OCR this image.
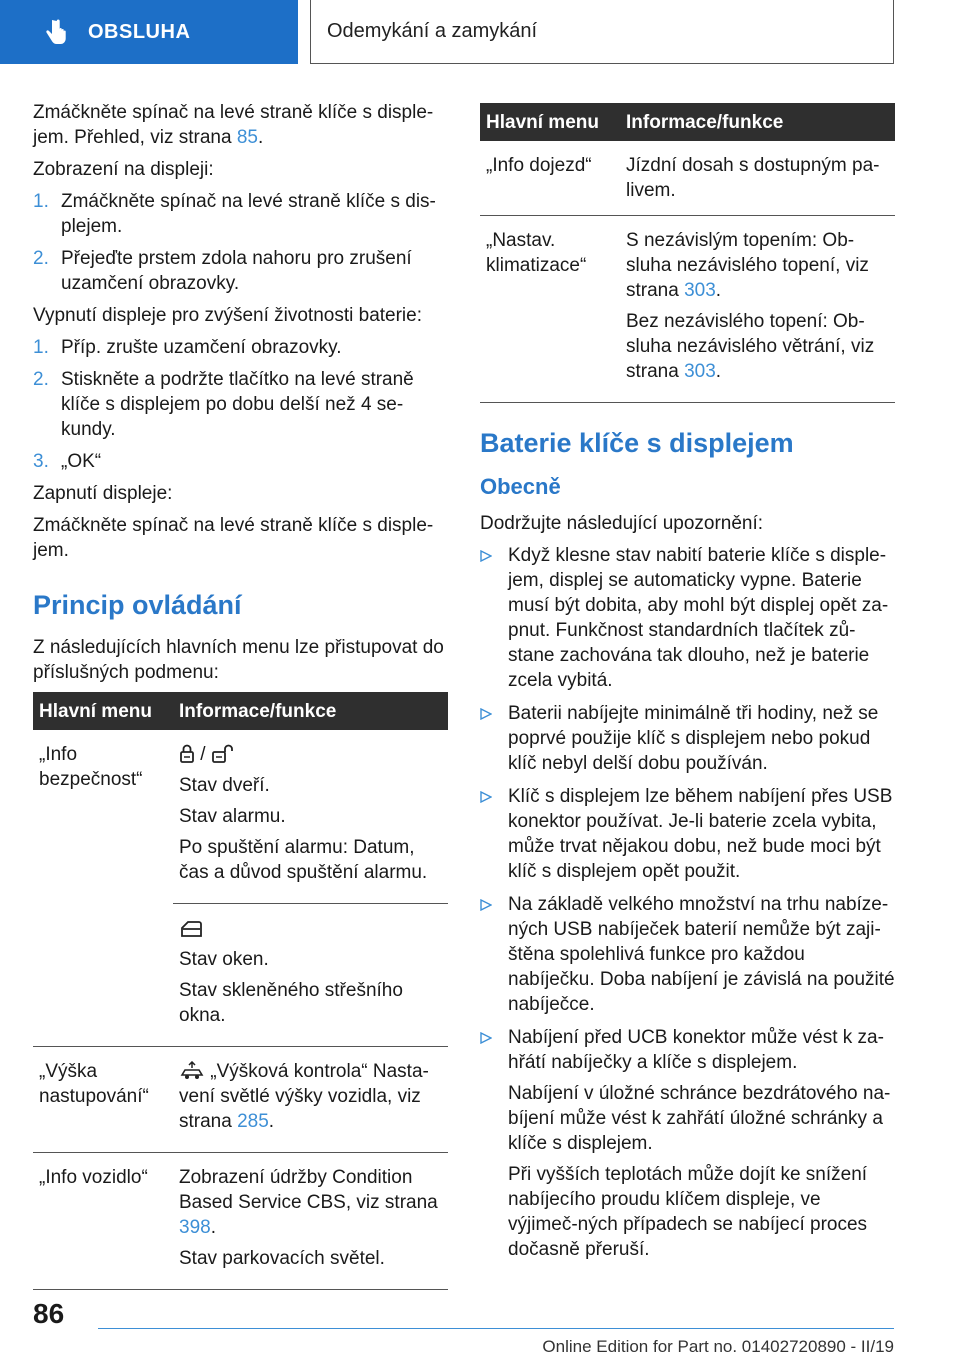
OBSLUHA	Odemykání a zamykání

Zmáčkněte spínač na levé straně klíče s disple-jem. Přehled, viz strana 85.

Zobrazení na displeji:

1. Zmáčkněte spínač na levé straně klíče s dis-plejem.
2. Přejeďte prstem zdola nahoru pro zrušení uzamčení obrazovky.

Vypnutí displeje pro zvýšení životnosti baterie:

1. Příp. zrušte uzamčení obrazovky.
2. Stiskněte a podržte tlačítko na levé straně klíče s displejem po dobu delší než 4 se-kundy.
3. „OK“

Zapnutí displeje:

Zmáčkněte spínač na levé straně klíče s disple-jem.

Princip ovládání

Z následujících hlavních menu lze přistupovat do příslušných podmenu:

Hlavní menu	Informace/funkce
„Info bezpečnost“	/

Stav dveří.

Stav alarmu.

Po spuštění alarmu: Datum, čas a důvod spuštění alarmu.

	Stav oken.

Stav skleněného střešního okna.

„Výška nastupování“	„Výšková kontrola“ Nasta-vení světlé výšky vozidla, viz strana 285.

„Info vozidlo“	Zobrazení údržby Condition Based Service CBS, viz strana 398.

Stav parkovacích světel.

Hlavní menu	Informace/funkce
„Info dojezd“	Jízdní dosah s dostupným pa-livem.
„Nastav. klimatizace“	S nezávislým topením: Ob-sluha nezávislého topení, viz strana 303.

Bez nezávislého topení: Ob-sluha nezávislého větrání, viz strana 303.

Baterie klíče s displejem
Obecně

Dodržujte následující upozornění:

Když klesne stav nabití baterie klíče s disple-jem, displej se automaticky vypne. Baterie musí být dobita, aby mohl být displej opět za-pnut. Funkčnost standardních tlačítek zů-stane zachována tak dlouho, než je baterie zcela vybitá.

Baterii nabíjejte minimálně tři hodiny, než se poprvé použije klíč s displejem nebo pokud klíč nebyl delší dobu používán.

Klíč s displejem lze během nabíjení přes USB konektor používat. Je-li baterie zcela vybita, může trvat nějakou dobu, než bude moci být klíč s displejem opět použit.

Na základě velkého množství na trhu nabíze-ných USB nabíječek baterií nemůže být zaji-štěna spolehlivá funkce pro každou nabíječku. Doba nabíjení je závislá na použité nabíječce.

Nabíjení před UCB konektor může vést k za-hřátí nabíječky a klíče s displejem.

Nabíjení v úložné schránce bezdrátového na-bíjení může vést k zahřátí úložné schránky a klíče s displejem.

Při vyšších teplotách může dojít ke snížení nabíjecího proudu klíčem displeje, ve výjimeč-ných případech se nabíjecí proces dočasně přeruší.

86
Online Edition for Part no. 01402720890 - II/19
